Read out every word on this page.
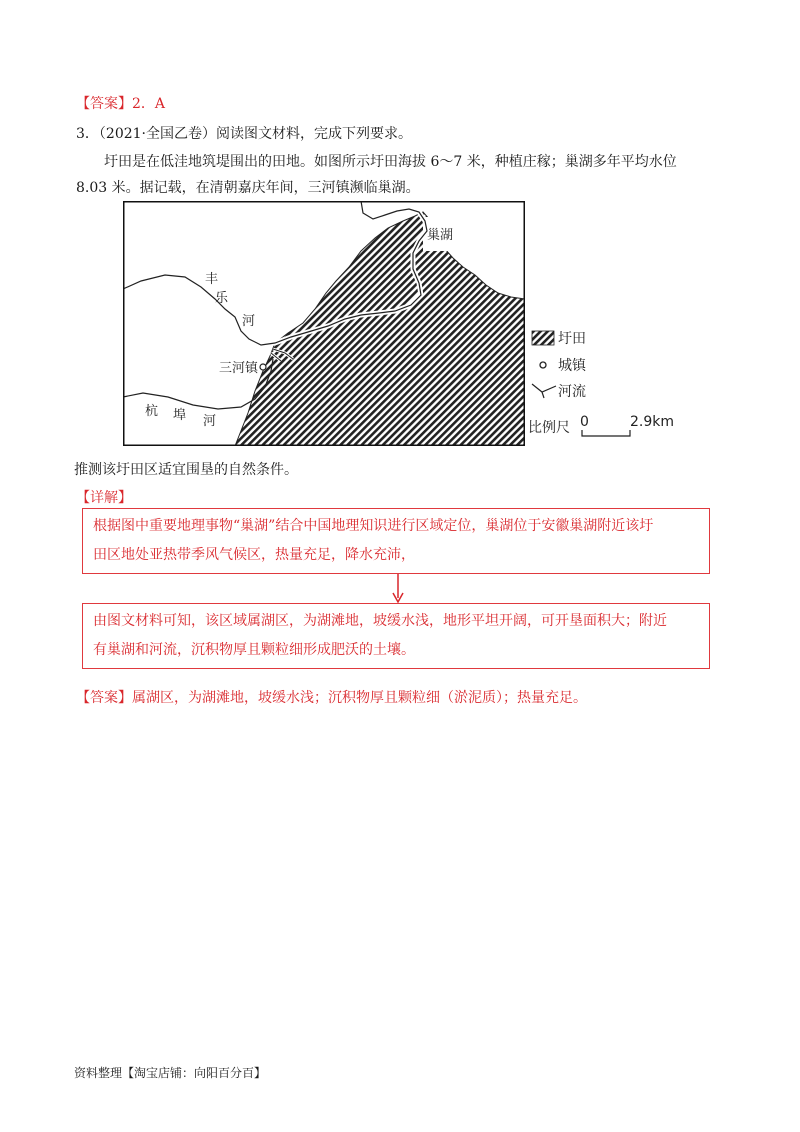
【答案】2．A
3．（2021·全国乙卷）阅读图文材料，完成下列要求。
圩田是在低洼地筑堤围出的田地。如图所示圩田海拔 6～7 米，种植庄稼；巢湖多年平均水位
8.03 米。据记载，在清朝嘉庆年间，三河镇濒临巢湖。
巢湖
丰
乐
河
三河镇
杭 埠 河
圩田
城镇
河流
比例尺 0	2.9km
推测该圩田区适宜围垦的自然条件。
【详解】
根据图中重要地理事物“巢湖”结合中国地理知识进行区域定位，巢湖位于安徽巢湖附近该圩
田区地处亚热带季风气候区，热量充足，降水充沛，
由图文材料可知，该区域属湖区，为湖滩地，坡缓水浅，地形平坦开阔，可开垦面积大；附近
有巢湖和河流，沉积物厚且颗粒细形成肥沃的土壤。
【答案】属湖区，为湖滩地，坡缓水浅；沉积物厚且颗粒细（淤泥质）；热量充足。
资料整理【淘宝店铺：向阳百分百】
